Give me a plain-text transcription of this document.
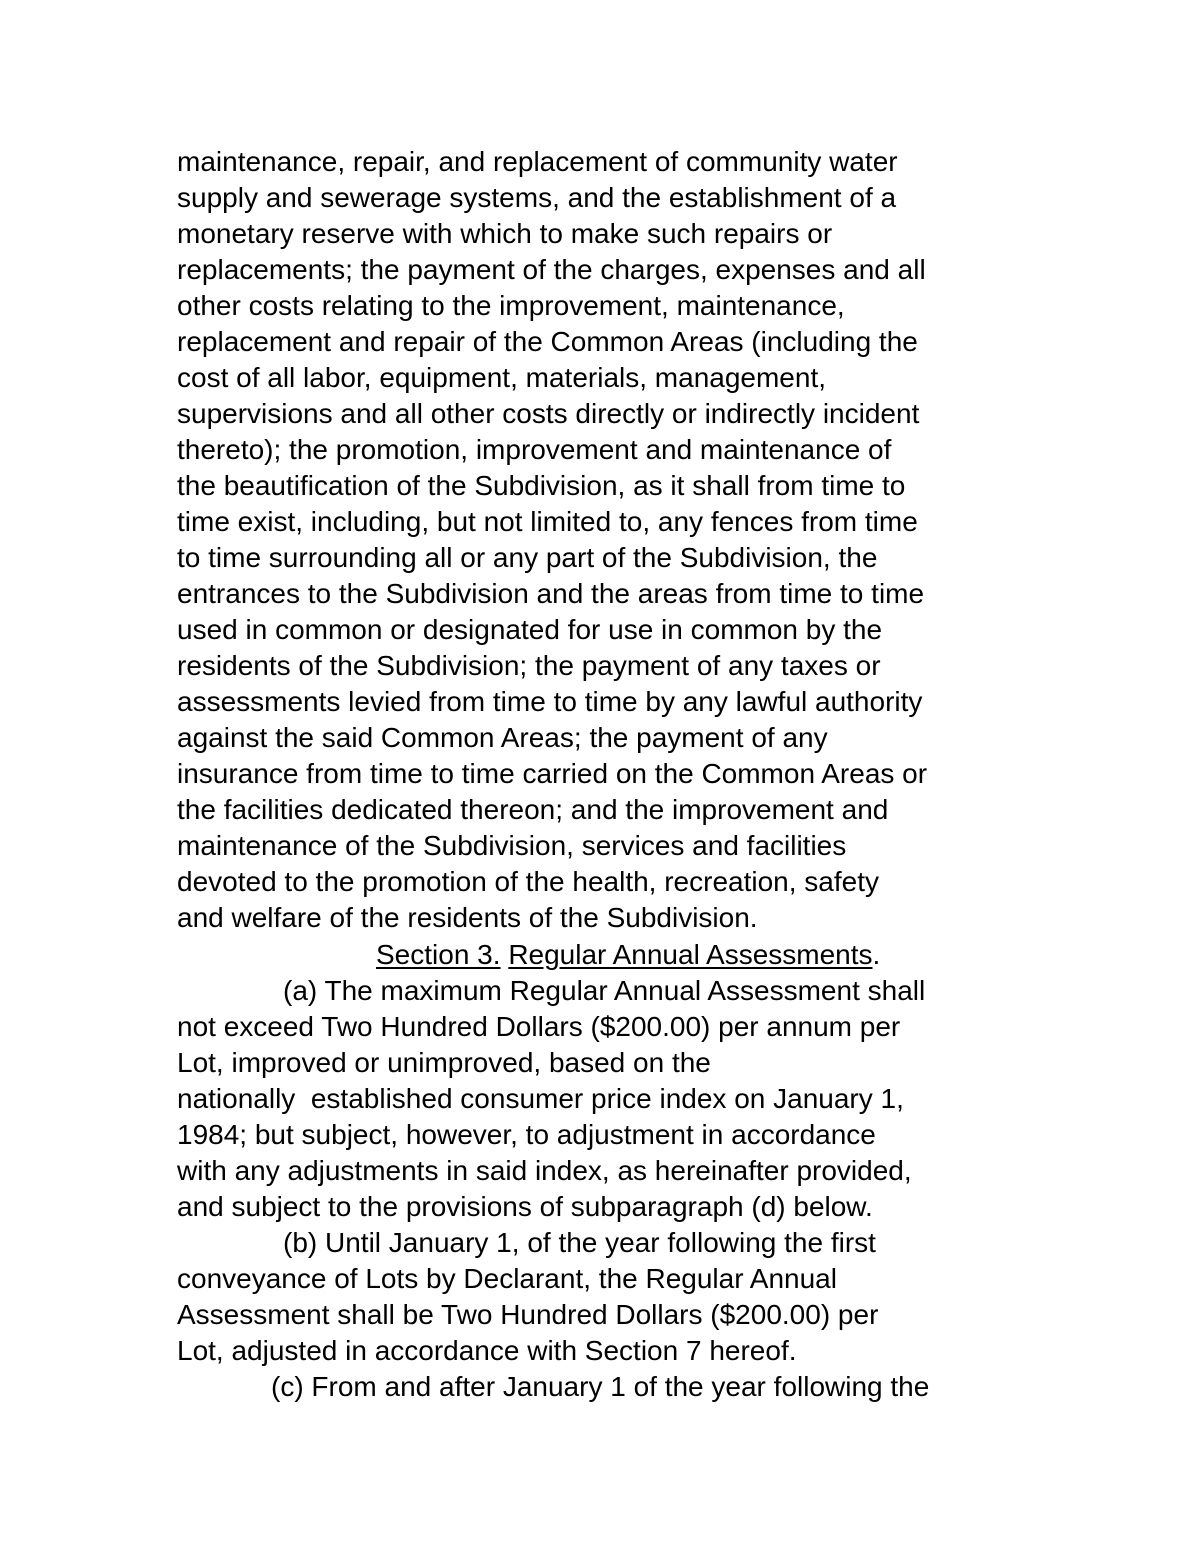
maintenance, repair, and replacement of community water
supply and sewerage systems, and the establishment of a
monetary reserve with which to make such repairs or
replacements; the payment of the charges, expenses and all
other costs relating to the improvement, maintenance,
replacement and repair of the Common Areas (including the
cost of all labor, equipment, materials, management,
supervisions and all other costs directly or indirectly incident
thereto); the promotion, improvement and maintenance of
the beautification of the Subdivision, as it shall from time to
time exist, including, but not limited to, any fences from time
to time surrounding all or any part of the Subdivision, the
entrances to the Subdivision and the areas from time to time
used in common or designated for use in common by the
residents of the Subdivision; the payment of any taxes or
assessments levied from time to time by any lawful authority
against the said Common Areas; the payment of any
insurance from time to time carried on the Common Areas or
the facilities dedicated thereon; and the improvement and
maintenance of the Subdivision, services and facilities
devoted to the promotion of the health, recreation, safety
and welfare of the residents of the Subdivision.
Section 3. Regular Annual Assessments.
(a) The maximum Regular Annual Assessment shall
not exceed Two Hundred Dollars ($200.00) per annum per
Lot, improved or unimproved, based on the
nationally  established consumer price index on January 1,
1984; but subject, however, to adjustment in accordance
with any adjustments in said index, as hereinafter provided,
and subject to the provisions of subparagraph (d) below.
(b) Until January 1, of the year following the first
conveyance of Lots by Declarant, the Regular Annual
Assessment shall be Two Hundred Dollars ($200.00) per
Lot, adjusted in accordance with Section 7 hereof.
(c) From and after January 1 of the year following the
